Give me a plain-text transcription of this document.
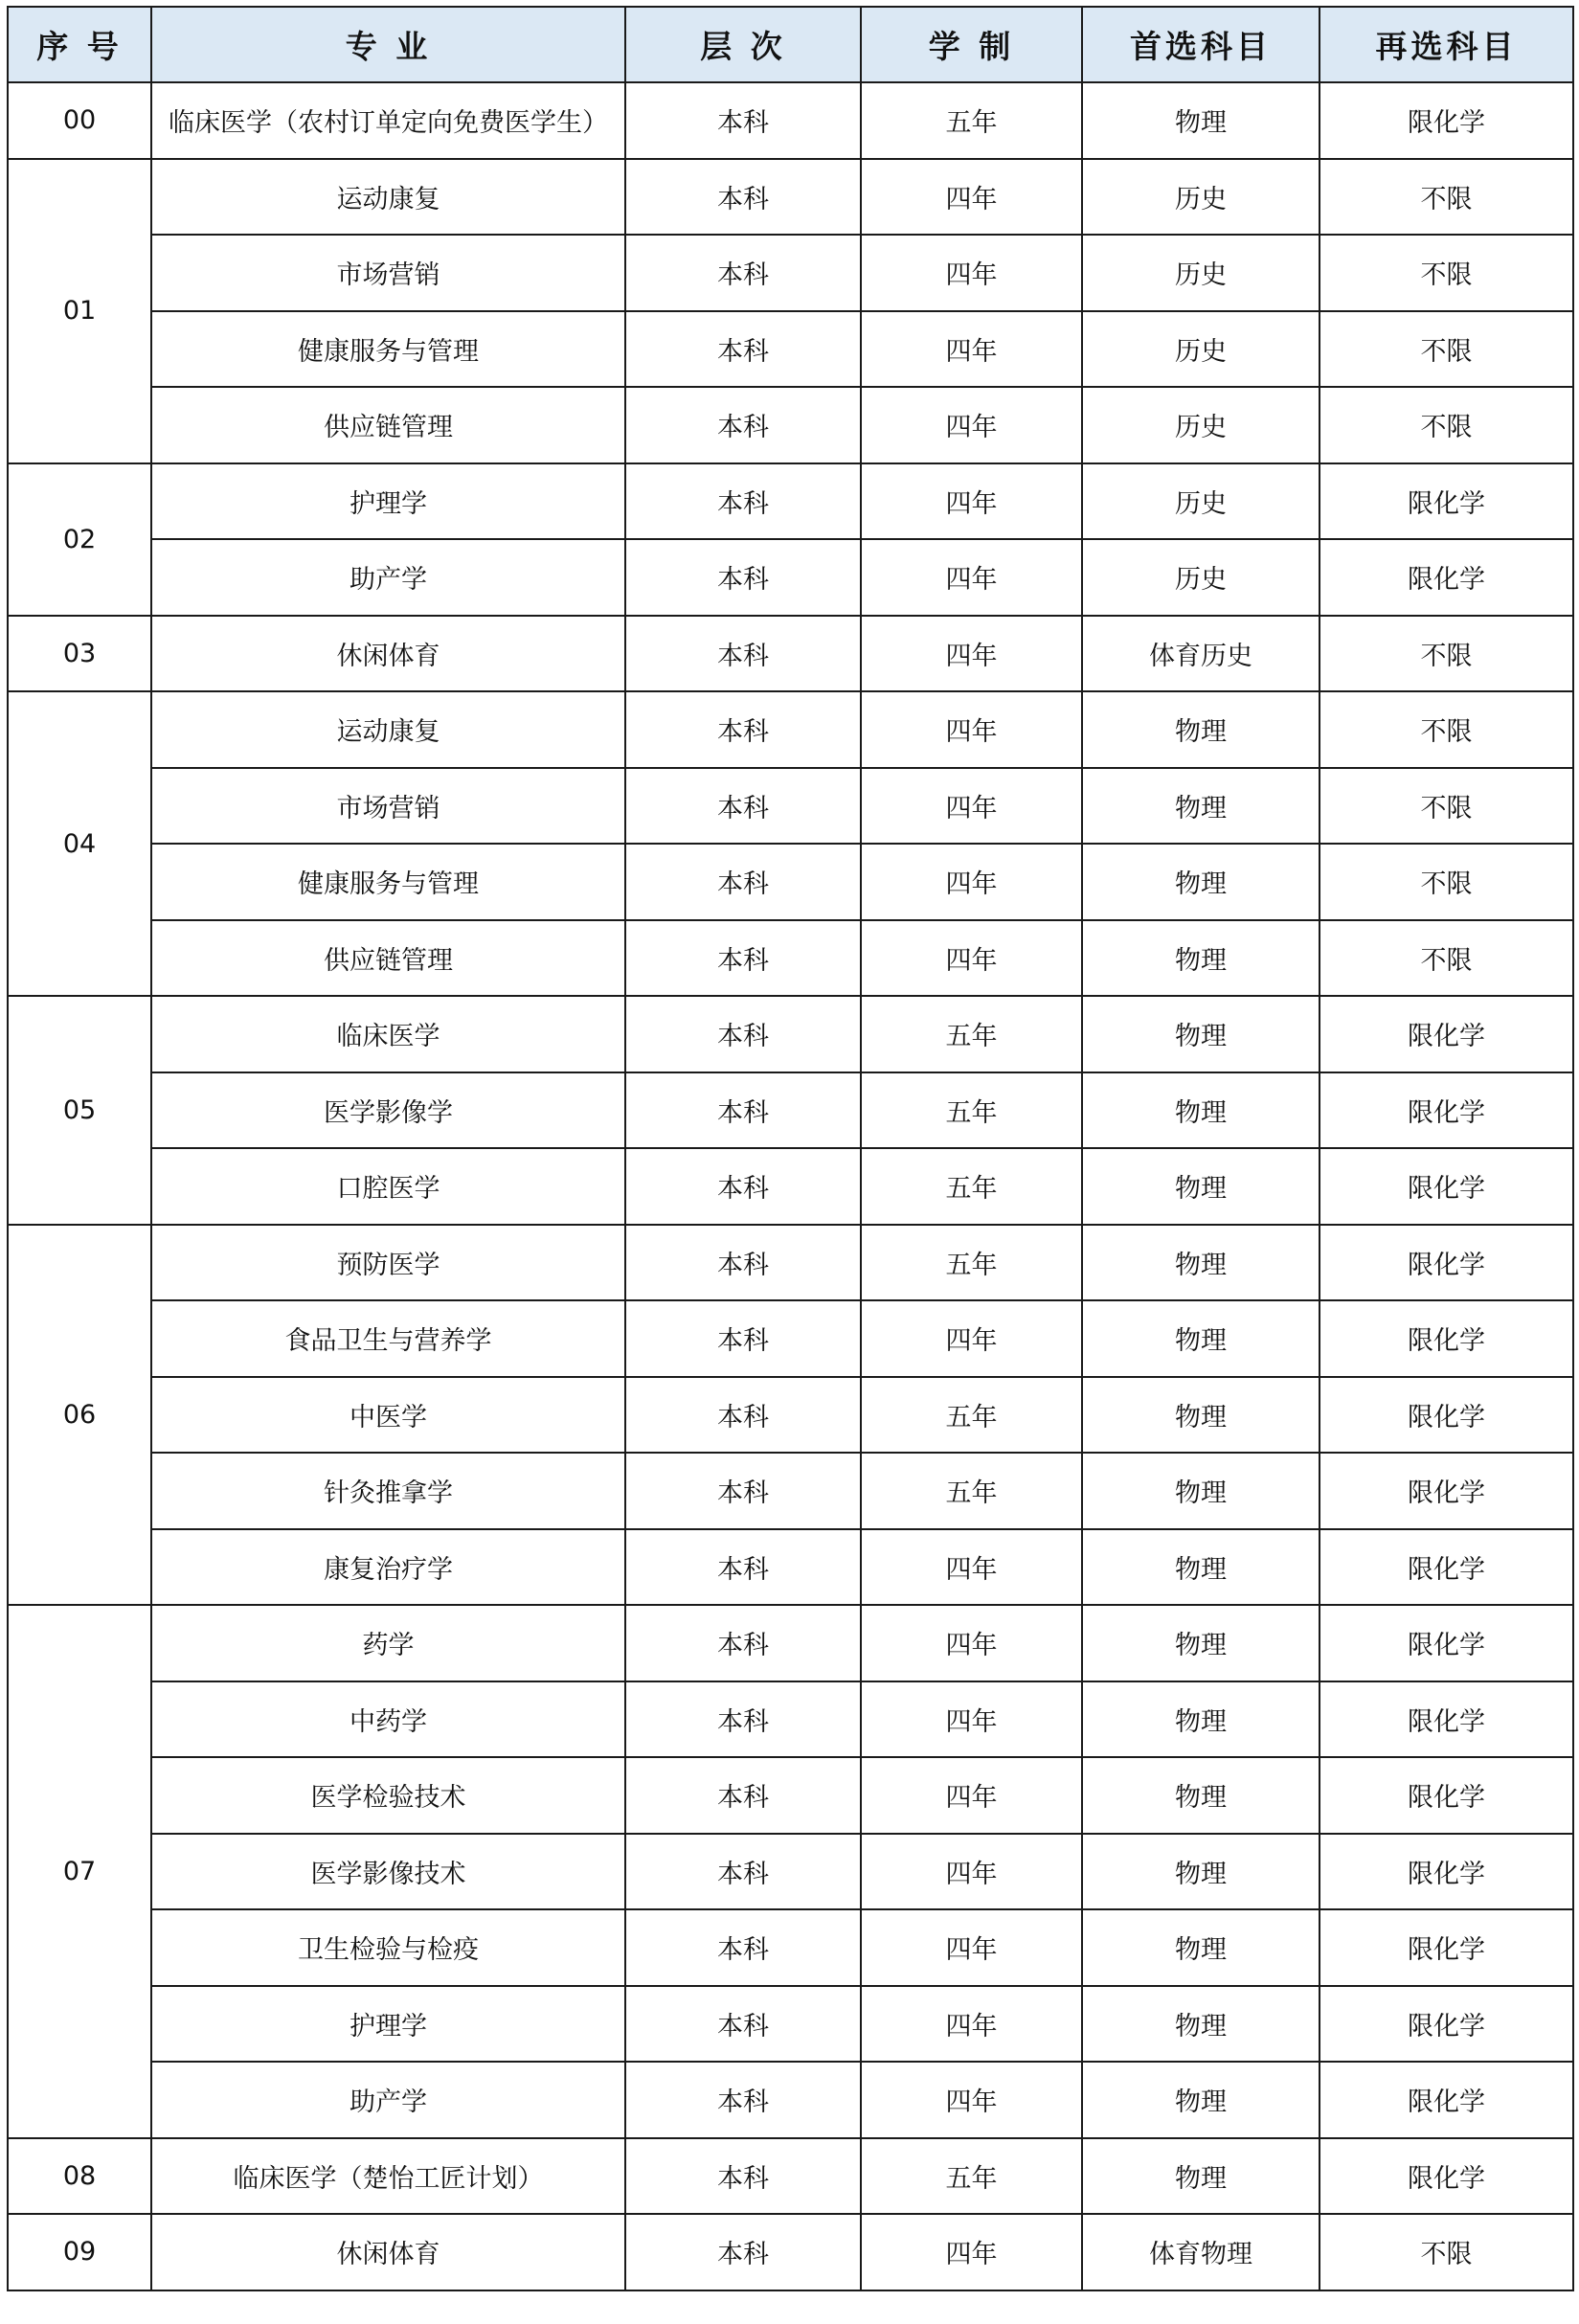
序 号	专 业	层 次	学 制	首选科目	再选科目
00	临床医学（农村订单定向免费医学生）	本科	五年	物理	限化学
01	运动康复	本科	四年	历史	不限
	市场营销	本科	四年	历史	不限
	健康服务与管理	本科	四年	历史	不限
	供应链管理	本科	四年	历史	不限
02	护理学	本科	四年	历史	限化学
	助产学	本科	四年	历史	限化学
03	休闲体育	本科	四年	体育历史	不限
04	运动康复	本科	四年	物理	不限
	市场营销	本科	四年	物理	不限
	健康服务与管理	本科	四年	物理	不限
	供应链管理	本科	四年	物理	不限
05	临床医学	本科	五年	物理	限化学
	医学影像学	本科	五年	物理	限化学
	口腔医学	本科	五年	物理	限化学
06	预防医学	本科	五年	物理	限化学
	食品卫生与营养学	本科	四年	物理	限化学
	中医学	本科	五年	物理	限化学
	针灸推拿学	本科	五年	物理	限化学
	康复治疗学	本科	四年	物理	限化学
07	药学	本科	四年	物理	限化学
	中药学	本科	四年	物理	限化学
	医学检验技术	本科	四年	物理	限化学
	医学影像技术	本科	四年	物理	限化学
	卫生检验与检疫	本科	四年	物理	限化学
	护理学	本科	四年	物理	限化学
	助产学	本科	四年	物理	限化学
08	临床医学（楚怡工匠计划）	本科	五年	物理	限化学
09	休闲体育	本科	四年	体育物理	不限
